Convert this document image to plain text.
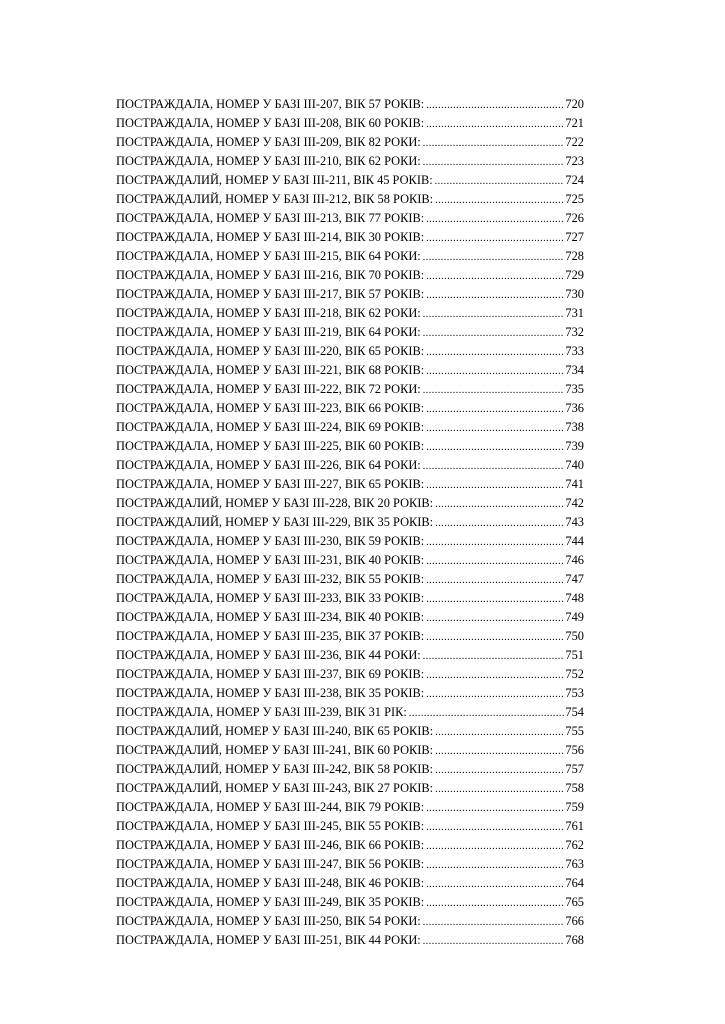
ПОСТРАЖДАЛА, НОМЕР У БАЗІ ІІІ-207, ВІК 57 РОКІВ: .....	720
ПОСТРАЖДАЛА, НОМЕР У БАЗІ ІІІ-208, ВІК 60 РОКІВ: .....	721
ПОСТРАЖДАЛА, НОМЕР У БАЗІ ІІІ-209, ВІК 82 РОКИ: .....	722
ПОСТРАЖДАЛА, НОМЕР У БАЗІ ІІІ-210, ВІК 62 РОКИ: .....	723
ПОСТРАЖДАЛИЙ, НОМЕР У БАЗІ ІІІ-211, ВІК 45 РОКІВ: .....	724
ПОСТРАЖДАЛИЙ, НОМЕР У БАЗІ ІІІ-212, ВІК 58 РОКІВ: .....	725
ПОСТРАЖДАЛА, НОМЕР У БАЗІ ІІІ-213, ВІК 77 РОКІВ: .....	726
ПОСТРАЖДАЛА, НОМЕР У БАЗІ ІІІ-214, ВІК 30 РОКІВ: .....	727
ПОСТРАЖДАЛА, НОМЕР У БАЗІ ІІІ-215, ВІК 64 РОКИ: .....	728
ПОСТРАЖДАЛА, НОМЕР У БАЗІ ІІІ-216, ВІК 70 РОКІВ: .....	729
ПОСТРАЖДАЛА, НОМЕР У БАЗІ ІІІ-217, ВІК 57 РОКІВ: .....	730
ПОСТРАЖДАЛА, НОМЕР У БАЗІ ІІІ-218, ВІК 62 РОКИ: .....	731
ПОСТРАЖДАЛА, НОМЕР У БАЗІ ІІІ-219, ВІК 64 РОКИ: .....	732
ПОСТРАЖДАЛА, НОМЕР У БАЗІ ІІІ-220, ВІК 65 РОКІВ: .....	733
ПОСТРАЖДАЛА, НОМЕР У БАЗІ ІІІ-221, ВІК 68 РОКІВ: .....	734
ПОСТРАЖДАЛА, НОМЕР У БАЗІ ІІІ-222, ВІК 72 РОКИ: .....	735
ПОСТРАЖДАЛА, НОМЕР У БАЗІ ІІІ-223, ВІК 66 РОКІВ: .....	736
ПОСТРАЖДАЛА, НОМЕР У БАЗІ ІІІ-224, ВІК 69 РОКІВ: .....	738
ПОСТРАЖДАЛА, НОМЕР У БАЗІ ІІІ-225, ВІК 60 РОКІВ: .....	739
ПОСТРАЖДАЛА, НОМЕР У БАЗІ ІІІ-226, ВІК 64 РОКИ: .....	740
ПОСТРАЖДАЛА, НОМЕР У БАЗІ ІІІ-227, ВІК 65 РОКІВ: .....	741
ПОСТРАЖДАЛИЙ, НОМЕР У БАЗІ ІІІ-228, ВІК 20 РОКІВ: .....	742
ПОСТРАЖДАЛИЙ, НОМЕР У БАЗІ ІІІ-229, ВІК 35 РОКІВ: .....	743
ПОСТРАЖДАЛА, НОМЕР У БАЗІ ІІІ-230, ВІК 59 РОКІВ: .....	744
ПОСТРАЖДАЛА, НОМЕР У БАЗІ ІІІ-231, ВІК 40 РОКІВ: .....	746
ПОСТРАЖДАЛА, НОМЕР У БАЗІ ІІІ-232, ВІК 55 РОКІВ: .....	747
ПОСТРАЖДАЛА, НОМЕР У БАЗІ ІІІ-233, ВІК 33 РОКІВ: .....	748
ПОСТРАЖДАЛА, НОМЕР У БАЗІ ІІІ-234, ВІК 40 РОКІВ: .....	749
ПОСТРАЖДАЛА, НОМЕР У БАЗІ ІІІ-235, ВІК 37 РОКІВ: .....	750
ПОСТРАЖДАЛА, НОМЕР У БАЗІ ІІІ-236, ВІК 44 РОКИ: .....	751
ПОСТРАЖДАЛА, НОМЕР У БАЗІ ІІІ-237, ВІК 69 РОКІВ: .....	752
ПОСТРАЖДАЛА, НОМЕР У БАЗІ ІІІ-238, ВІК 35 РОКІВ: .....	753
ПОСТРАЖДАЛА, НОМЕР У БАЗІ ІІІ-239, ВІК 31 РІК: .....	754
ПОСТРАЖДАЛИЙ, НОМЕР У БАЗІ ІІІ-240, ВІК 65 РОКІВ: .....	755
ПОСТРАЖДАЛИЙ, НОМЕР У БАЗІ ІІІ-241, ВІК 60 РОКІВ: .....	756
ПОСТРАЖДАЛИЙ, НОМЕР У БАЗІ ІІІ-242, ВІК 58 РОКІВ: .....	757
ПОСТРАЖДАЛИЙ, НОМЕР У БАЗІ ІІІ-243, ВІК 27 РОКІВ: .....	758
ПОСТРАЖДАЛА, НОМЕР У БАЗІ ІІІ-244, ВІК 79 РОКІВ: .....	759
ПОСТРАЖДАЛА, НОМЕР У БАЗІ ІІІ-245, ВІК 55 РОКІВ: .....	761
ПОСТРАЖДАЛА, НОМЕР У БАЗІ ІІІ-246, ВІК 66 РОКІВ: .....	762
ПОСТРАЖДАЛА, НОМЕР У БАЗІ ІІІ-247, ВІК 56 РОКІВ: .....	763
ПОСТРАЖДАЛА, НОМЕР У БАЗІ ІІІ-248, ВІК 46 РОКІВ: .....	764
ПОСТРАЖДАЛА, НОМЕР У БАЗІ ІІІ-249, ВІК 35 РОКІВ: .....	765
ПОСТРАЖДАЛА, НОМЕР У БАЗІ ІІІ-250, ВІК 54 РОКИ: .....	766
ПОСТРАЖДАЛА, НОМЕР У БАЗІ ІІІ-251, ВІК 44 РОКИ: .....	768
